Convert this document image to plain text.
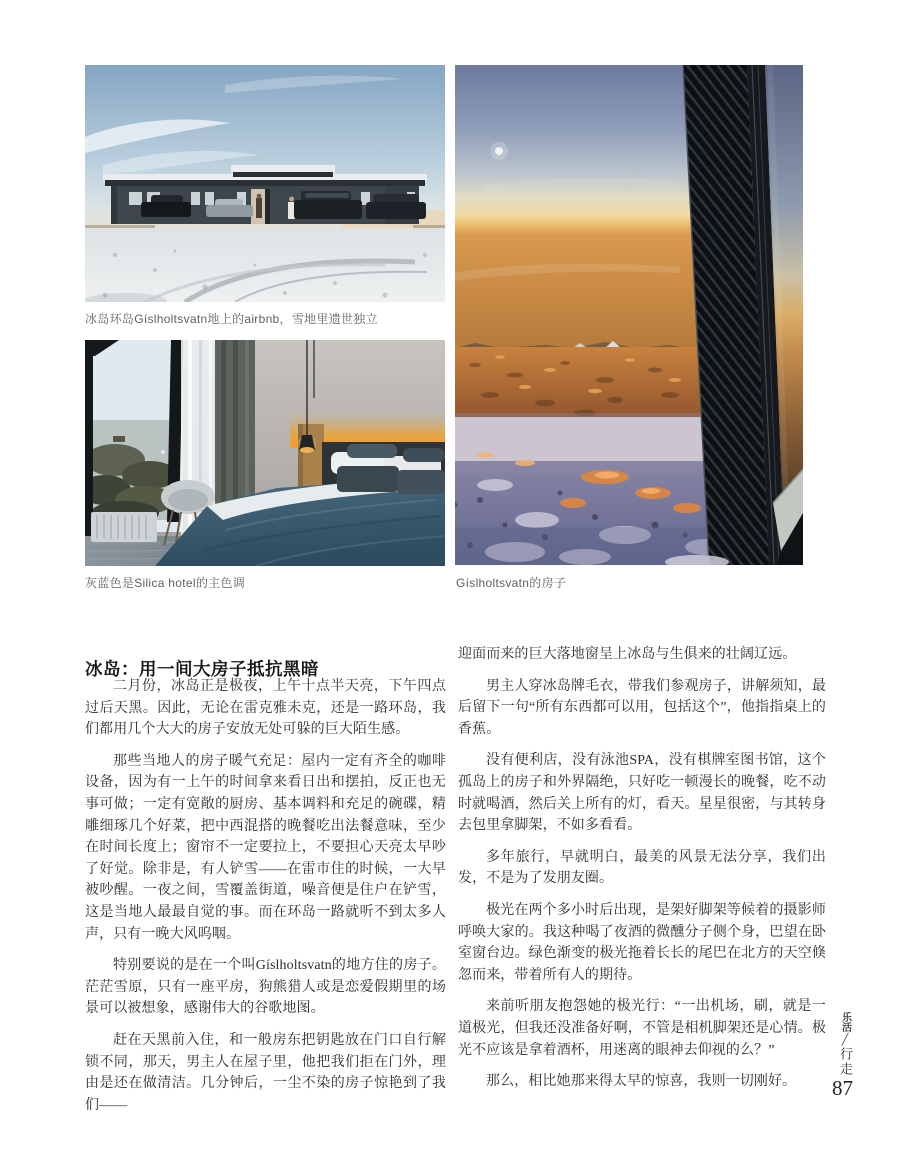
冰岛环岛Gíslholtsvatn地上的airbnb，雪地里遗世独立
灰蓝色是Silica hotel的主色调	Gíslholtsvatn的房子
冰岛：用一间大房子抵抗黑暗

二月份，冰岛正是极夜，上午十点半天亮，下午四点过后天黑。因此，无论在雷克雅未克，还是一路环岛，我们都用几个大大的房子安放无处可躲的巨大陌生感。

那些当地人的房子暖气充足：屋内一定有齐全的咖啡设备，因为有一上午的时间拿来看日出和摆拍，反正也无事可做；一定有宽敞的厨房、基本调料和充足的碗碟，精雕细琢几个好菜，把中西混搭的晚餐吃出法餐意味，至少在时间长度上；窗帘不一定要拉上，不要担心天亮太早吵了好觉。除非是，有人铲雪——在雷市住的时候，一大早被吵醒。一夜之间，雪覆盖街道，噪音便是住户在铲雪，这是当地人最最自觉的事。而在环岛一路就听不到太多人声，只有一晚大风呜咽。

特别要说的是在一个叫Gíslholtsvatn的地方住的房子。茫茫雪原，只有一座平房，狗熊猎人或是恋爱假期里的场景可以被想象，感谢伟大的谷歌地图。

赶在天黑前入住，和一般房东把钥匙放在门口自行解锁不同，那天，男主人在屋子里，他把我们拒在门外，理由是还在做清洁。几分钟后，一尘不染的房子惊艳到了我们——

迎面而来的巨大落地窗呈上冰岛与生俱来的壮阔辽远。

男主人穿冰岛牌毛衣，带我们参观房子，讲解须知，最后留下一句“所有东西都可以用，包括这个”，他指指桌上的香蕉。

没有便利店，没有泳池SPA，没有棋牌室图书馆，这个孤岛上的房子和外界隔绝，只好吃一顿漫长的晚餐，吃不动时就喝酒，然后关上所有的灯，看天。星星很密，与其转身去包里拿脚架，不如多看看。

多年旅行，早就明白，最美的风景无法分享，我们出发，不是为了发朋友圈。

极光在两个多小时后出现，是架好脚架等候着的摄影师呼唤大家的。我这种喝了夜酒的微醺分子侧个身，巴望在卧室窗台边。绿色渐变的极光拖着长长的尾巴在北方的天空倏忽而来，带着所有人的期待。

来前听朋友抱怨她的极光行：“一出机场，刷，就是一道极光，但我还没准备好啊，不管是相机脚架还是心情。极光不应该是拿着酒杯，用迷离的眼神去仰视的么？”

那么，相比她那来得太早的惊喜，我则一切刚好。

乐活
╱
行走
87
